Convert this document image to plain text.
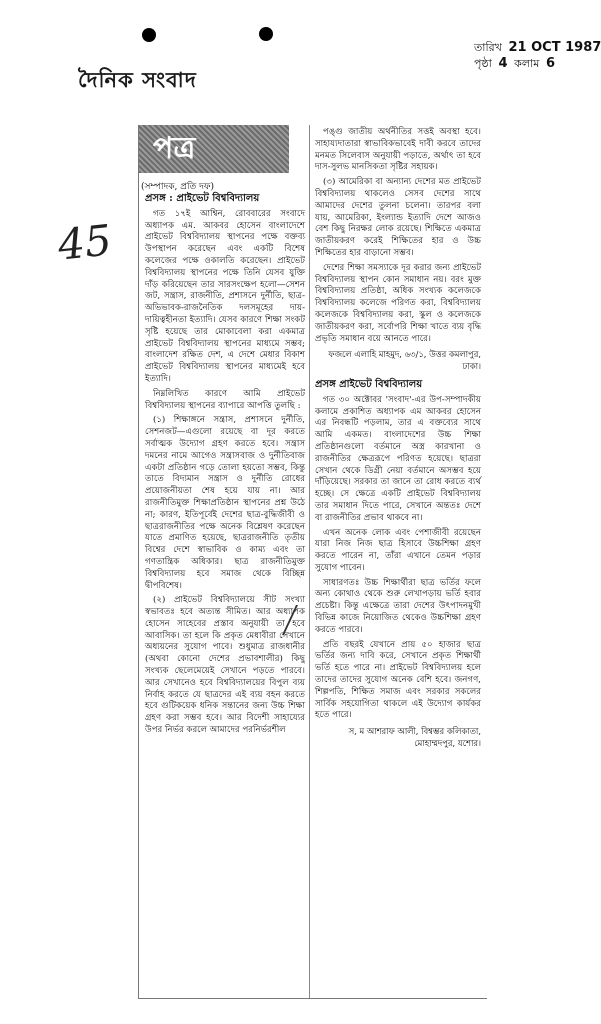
দৈনিক সংবাদ
তারিখ 21 OCT 1987
পৃষ্ঠা 4 কলাম 6
45
পত্র
(সম্পাদক, প্রতি দফ)
প্রসঙ্গ : প্রাইভেট বিশ্ববিদ্যালয়

গত ১৭ই আশ্বিন, রোববারের সংবাদে অধ্যাপক এম. আকবর হোসেন বাংলাদেশে প্রাইভেট বিশ্ববিদ্যালয় স্থাপনের পক্ষে বক্তব্য উপস্থাপন করেছেন এবং একটি বিশেষ কলেজের পক্ষে ওকালতি করেছেন। প্রাইভেট বিশ্ববিদ্যালয় স্থাপনের পক্ষে তিনি যেসব যুক্তি দাঁড় করিয়েছেন তার সারসংক্ষেপ হলো—সেশন জট, সন্ত্রাস, রাজনীতি, প্রশাসনে দুর্নীতি, ছাত্র-অভিভাবক-রাজনৈতিক দলসমূহের দায়-দায়িত্বহীনতা ইত্যাদি। যেসব কারণে শিক্ষা সংকট সৃষ্টি হয়েছে তার মোকাবেলা করা একমাত্র প্রাইভেট বিশ্ববিদ্যালয় স্থাপনের মাধ্যমে সম্ভব; বাংলাদেশ রক্ষিত দেশ, এ দেশে মেধার বিকাশ প্রাইভেট বিশ্ববিদ্যালয় স্থাপনের মাধ্যমেই হবে ইত্যাদি।

নিম্নলিখিত কারণে আমি প্রাইভেট বিশ্ববিদ্যালয় স্থাপনের ব্যাপারে আপত্তি তুলছি :

(১) শিক্ষাঙ্গনে সন্ত্রাস, প্রশাসনে দুর্নীতি, সেশনজট—এগুলো রয়েছে বা দূর করতে সর্বাত্মক উদ্যোগ গ্রহণ করতে হবে। সন্ত্রাস দমনের নামে আগেও সন্ত্রাসবাজ ও দুর্নীতিবাজ একটা প্রতিষ্ঠান গড়ে তোলা হয়তো সম্ভব, কিন্তু তাতে বিদ্যমান সন্ত্রাস ও দুর্নীতি রোধের প্রয়োজনীয়তা শেষ হয়ে যায় না। আর রাজনীতিমুক্ত শিক্ষাপ্রতিষ্ঠান স্থাপনের প্রশ্ন উঠে না; কারণ, ইতিপূর্বেই দেশের ছাত্র-বুদ্ধিজীবী ও ছাত্ররাজনীতির পক্ষে অনেক বিশ্লেষণ করেছেন যাতে প্রমাণিত হয়েছে, ছাত্ররাজনীতি তৃতীয় বিশ্বের দেশে স্বাভাবিক ও কাম্য এবং তা গণতান্ত্রিক অধিকার। ছাত্র রাজনীতিমুক্ত বিশ্ববিদ্যালয় হবে সমাজ থেকে বিচ্ছিন্ন দ্বীপবিশেষ।

(২) প্রাইভেট বিশ্ববিদ্যালয়ে সীট সংখ্যা স্বভাবতঃ হবে অত্যন্ত সীমিত। আর অধ্যাপক হোসেন সাহেবের প্রস্তাব অনুযায়ী তা হবে আবাসিক। তা হলে কি প্রকৃত মেধাবীরা সেখানে অধ্যয়নের সুযোগ পাবে। শুধুমাত্র রাজধানীর (অথবা কোনো দেশের প্রভাবশালীর) কিছু সংখ্যক ছেলেমেয়েই সেখানে পড়তে পারবে। আর সেখানেও হবে বিশ্ববিদ্যালয়ের বিপুল ব্যয় নির্বাহ করতে যে ছাত্রদের এই ব্যয় বহন করতে হবে গুটিকয়েক ধনিক সন্তানের জন্য উচ্চ শিক্ষা গ্রহণ করা সম্ভব হবে। আর বিদেশী সাহায্যের উপর নির্ভর করলে আমাদের পরনির্ভরশীল

পঙ্গু জাতীয় অর্থনীতির সত্তই অবস্থা হবে। সাহায্যদাতারা স্বাভাবিকভাবেই দাবী করবে তাদের মনমত সিলেবাস অনুযায়ী পড়াতে, অর্থাৎ তা হবে দাস-সুলভ মানসিকতা সৃষ্টির সহায়ক।

(৩) আমেরিকা বা অন্যান্য দেশের মত প্রাইভেট বিশ্ববিদ্যালয় থাকলেও সেসব দেশের সাথে আমাদের দেশের তুলনা চলেনা। তারপর বলা যায়, আমেরিকা, ইংল্যান্ড ইত্যাদি দেশে আজও বেশ কিছু নিরক্ষর লোক রয়েছে। শিক্ষিতে একমাত্র জাতীয়করণ করেই শিক্ষিতের হার ও উচ্চ শিক্ষিতের হার বাড়ানো সম্ভব।

দেশের শিক্ষা সমস্যাকে দূর করার জন্য প্রাইভেট বিশ্ববিদ্যালয় স্থাপন কোন সমাধান নয়। বরং মুক্ত বিশ্ববিদ্যালয় প্রতিষ্ঠা, অধিক সংখ্যক কলেজকে বিশ্ববিদ্যালয় কলেজে পরিণত করা, বিশ্ববিদ্যালয় কলেজকে বিশ্ববিদ্যালয় করা, স্কুল ও কলেজকে জাতীয়করণ করা, সর্বোপরি শিক্ষা খাতে ব্যয় বৃদ্ধি প্রভৃতি সমাধান বয়ে আনতে পারে।

ফজলে এলাহি মাহমুদ, ৬৩/১, উত্তর কমলাপুর, ঢাকা।
প্রসঙ্গ প্রাইভেট বিশ্ববিদ্যালয়

গত ৩০ অক্টোবর 'সংবাদ'-এর উপ-সম্পাদকীয় কলামে প্রকাশিত অধ্যাপক এম আকবর হোসেন এর নিবন্ধটি পড়লাম, তার এ বক্তব্যের সাথে আমি একমত। বাংলাদেশের উচ্চ শিক্ষা প্রতিষ্ঠানগুলো বর্তমানে অস্ত্র কারখানা ও রাজনীতির ক্ষেত্ররূপে পরিণত হয়েছে। ছাত্ররা সেখান থেকে ডিগ্রী নেয়া বর্তমানে অসম্ভব হয়ে দাঁড়িয়েছে। সরকার তা জানে তা রোধ করতে ব্যর্থ হচ্ছে। সে ক্ষেত্রে একটি প্রাইভেট বিশ্ববিদ্যালয় তার সমাধান দিতে পারে, সেখানে অন্ততঃ দেশে বা রাজনীতির প্রভাব থাকবে না।

এখন অনেক লোক এবং পেশাজীবী রয়েছেন যারা নিজ নিজ ছাত্র হিসাবে উচ্চশিক্ষা গ্রহণ করতে পারেন না, তাঁরা এখানে তেমন পড়ার সুযোগ পাবেন।

সাধারণতঃ উচ্চ শিক্ষার্থীরা ছাত্র ভর্তির ফলে অন্য কোথাও থেকে শুরু লেখাপড়ায় ভর্তি হবার প্রচেষ্টা। কিন্তু এক্ষেত্রে তারা দেশের উৎপাদনমুখী বিভিন্ন কাজে নিয়োজিত থেকেও উচ্চশিক্ষা গ্রহণ করতে পারবে।

প্রতি বছরই যেখানে প্রায় ৫০ হাজার ছাত্র ভর্তির জন্য দাবি করে, সেখানে প্রকৃত শিক্ষার্থী ভর্তি হতে পারে না। প্রাইভেট বিশ্ববিদ্যালয় হলে তাদের তাদের সুযোগ অনেক বেশি হবে। জনগণ, শিল্পপতি, শিক্ষিত সমাজ এবং সরকার সকলের সার্বিক সহযোগিতা থাকলে এই উদ্যোগ কার্যকর হতে পারে।

স, ম আশরাফ আলী, বিশ্বম্ভর কলিকাতা, মোহাম্মদপুর, যশোর।
